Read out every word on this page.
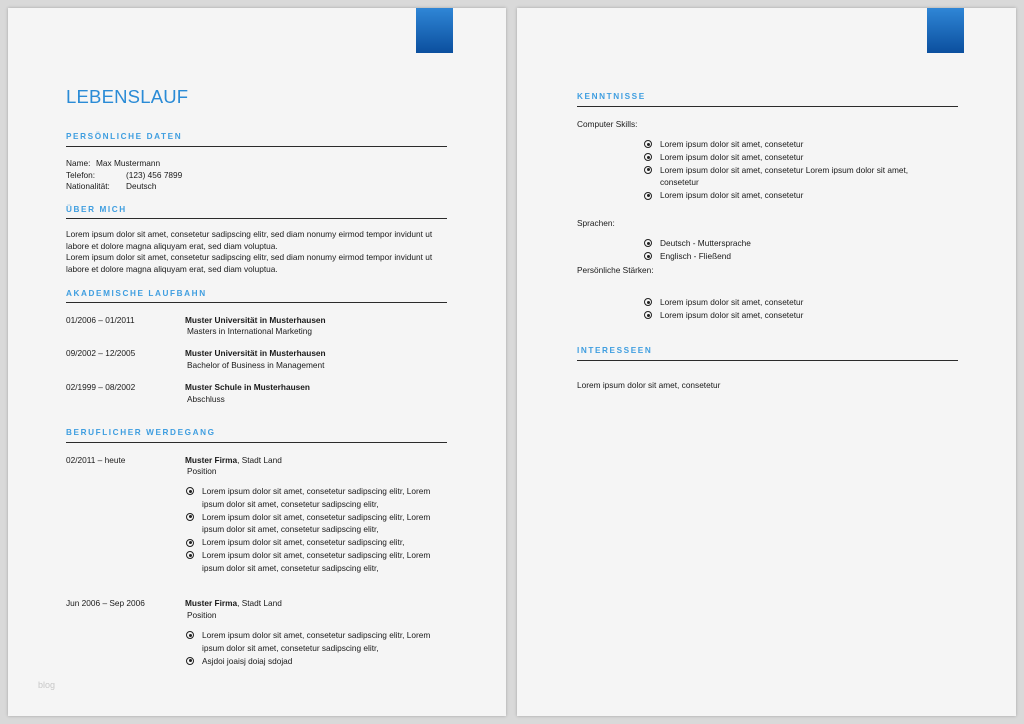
LEBENSLAUF
PERSÖNLICHE DATEN
Name: Max Mustermann
Telefon:	(123) 456 7899
Nationalität: Deutsch
ÜBER MICH
Lorem ipsum dolor sit amet, consetetur sadipscing elitr, sed diam nonumy eirmod tempor invidunt ut
labore et dolore magna aliquyam erat, sed diam voluptua.
Lorem ipsum dolor sit amet, consetetur sadipscing elitr, sed diam nonumy eirmod tempor invidunt ut
labore et dolore magna aliquyam erat, sed diam voluptua.
AKADEMISCHE LAUFBAHN
01/2006 – 01/2011	Muster Universität in Musterhausen
Masters in International Marketing
09/2002 – 12/2005	Muster Universität in Musterhausen
Bachelor of Business in Management
02/1999 – 08/2002	Muster Schule in Musterhausen
Abschluss
BERUFLICHER WERDEGANG
02/2011 – heute	Muster Firma, Stadt Land
Position
Lorem ipsum dolor sit amet, consetetur sadipscing elitr, Lorem
ipsum dolor sit amet, consetetur sadipscing elitr,
Lorem ipsum dolor sit amet, consetetur sadipscing elitr, Lorem
ipsum dolor sit amet, consetetur sadipscing elitr,
Lorem ipsum dolor sit amet, consetetur sadipscing elitr,
Lorem ipsum dolor sit amet, consetetur sadipscing elitr, Lorem
ipsum dolor sit amet, consetetur sadipscing elitr,
Jun 2006 – Sep 2006	Muster Firma, Stadt Land
Position
Lorem ipsum dolor sit amet, consetetur sadipscing elitr, Lorem
ipsum dolor sit amet, consetetur sadipscing elitr,
Asjdoi joaisj doiaj sdojad
blog
KENNTNISSE
Computer Skills:
Lorem ipsum dolor sit amet, consetetur
Lorem ipsum dolor sit amet, consetetur
Lorem ipsum dolor sit amet, consetetur Lorem ipsum dolor sit amet,
consetetur
Lorem ipsum dolor sit amet, consetetur
Sprachen:
Deutsch - Muttersprache
Englisch - Fließend
Persönliche Stärken:
Lorem ipsum dolor sit amet, consetetur
Lorem ipsum dolor sit amet, consetetur
INTERESSEEN
Lorem ipsum dolor sit amet, consetetur
